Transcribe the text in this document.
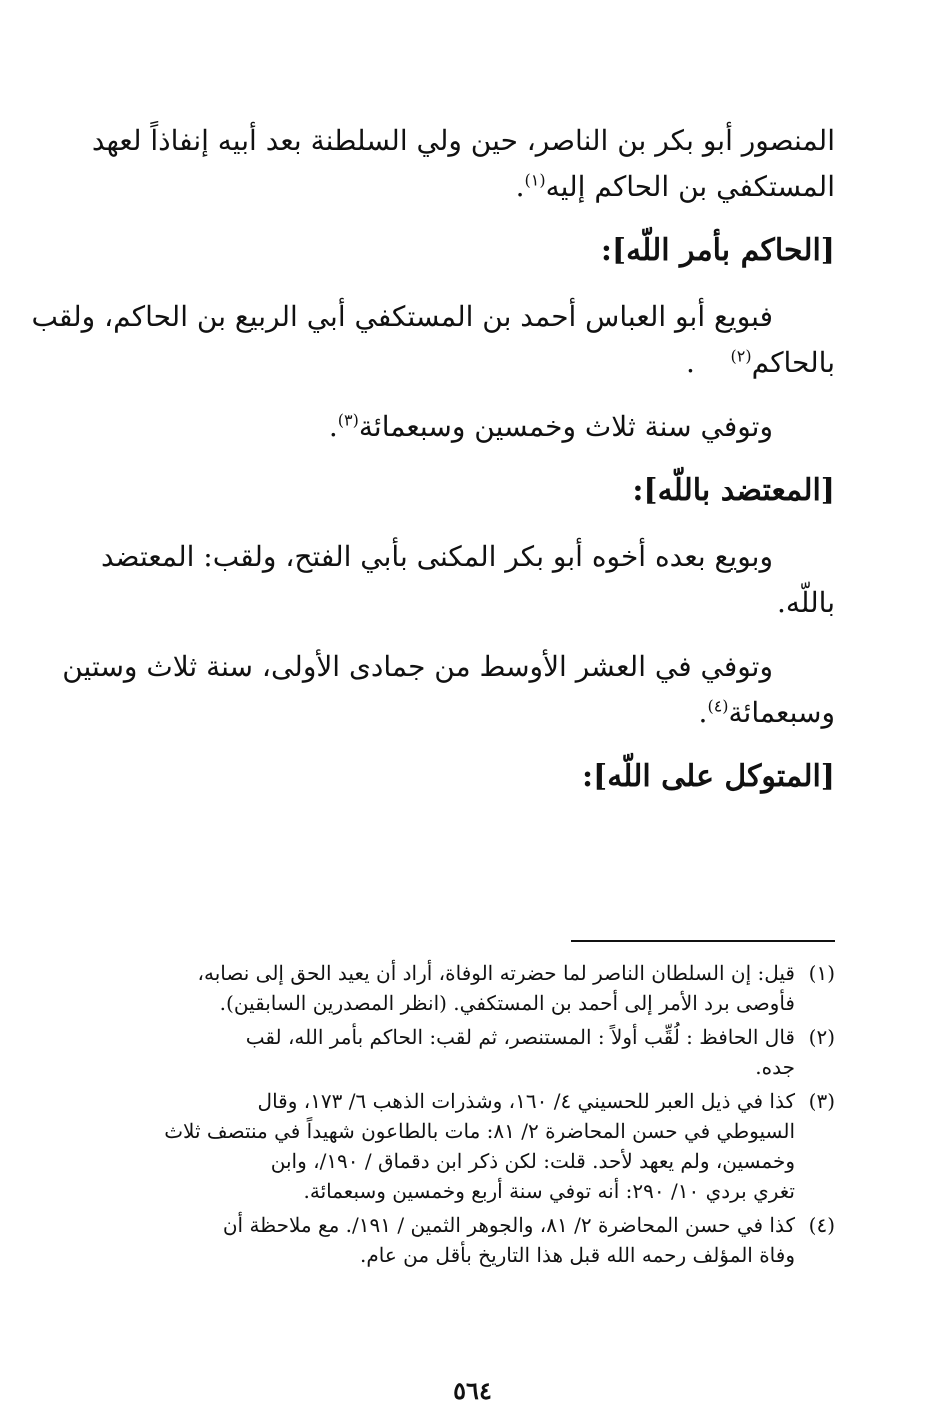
المنصور أبو بكر بن الناصر، حين ولي السلطنة بعد أبيه إنفاذاً لعهد

المستكفي بن الحاكم إليه$^{(١)}$.

[الحاكم بأمر اللّه]:

فبويع أبو العباس أحمد بن المستكفي أبي الربيع بن الحاكم، ولقب

بالحاكم$^{(٢)}$    .

وتوفي سنة ثلاث وخمسين وسبعمائة$^{(٣)}$.

[المعتضد باللّه]:

وبويع بعده أخوه أبو بكر المكنى بأبي الفتح، ولقب: المعتضد

باللّه.

وتوفي في العشر الأوسط من جمادى الأولى، سنة ثلاث وستين

وسبعمائة$^{(٤)}$.

[المتوكل على اللّه]:
(١)
قيل: إن السلطان الناصر لما حضرته الوفاة، أراد أن يعيد الحق إلى نصابه،
فأوصى برد الأمر إلى أحمد بن المستكفي. (انظر المصدرين السابقين).
(٢)
قال الحافظ : لُقِّب أولاً : المستنصر، ثم لقب: الحاكم بأمر الله، لقب
جده.
(٣)
كذا في ذيل العبر للحسيني ٤/ ١٦٠، وشذرات الذهب ٦/ ١٧٣، وقال
السيوطي في حسن المحاضرة ٢/ ٨١: مات بالطاعون شهيداً في منتصف ثلاث
وخمسين، ولم يعهد لأحد. قلت: لكن ذكر ابن دقماق / ١٩٠/، وابن
تغري بردي ١٠/ ٢٩٠: أنه توفي سنة أربع وخمسين وسبعمائة.
(٤)
كذا في حسن المحاضرة ٢/ ٨١، والجوهر الثمين / ١٩١/. مع ملاحظة أن
وفاة المؤلف رحمه الله قبل هذا التاريخ بأقل من عام.
٥٦٤
